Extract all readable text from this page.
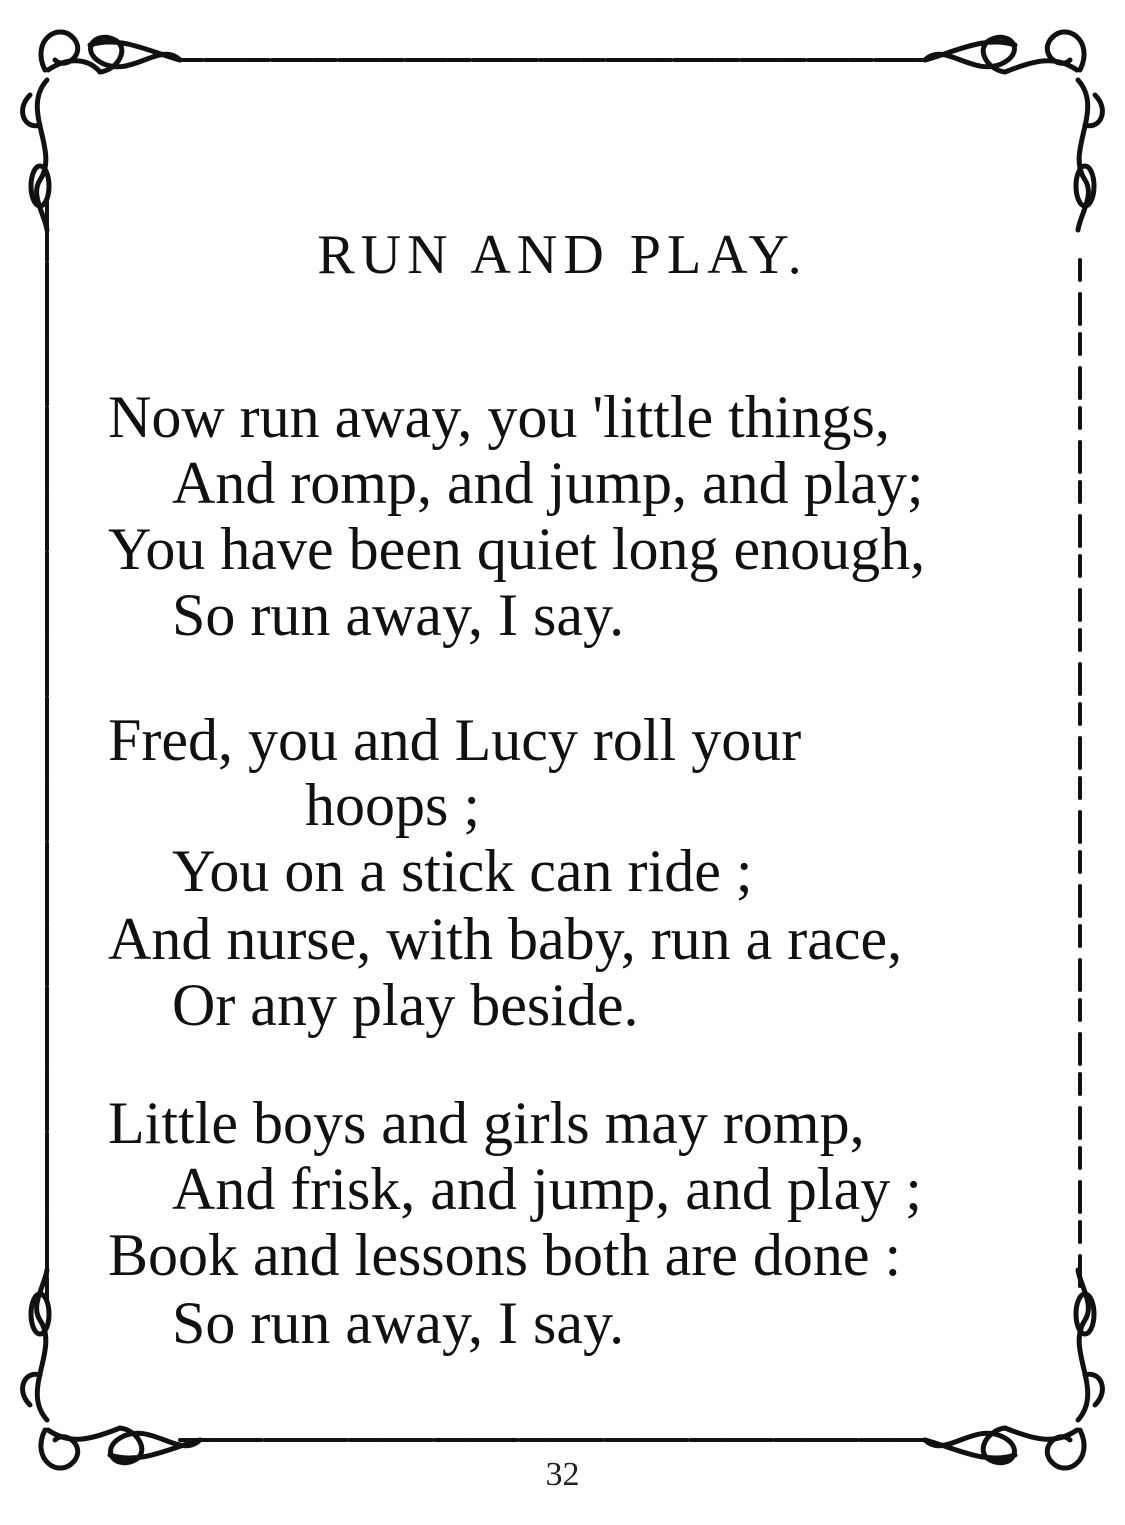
RUN AND PLAY.
Now run away, you 'little things,
And romp, and jump, and play;
You have been quiet long enough,
So run away, I say.
Fred, you and Lucy roll your
hoops ;
You on a stick can ride ;
And nurse, with baby, run a race,
Or any play beside.
Little boys and girls may romp,
And frisk, and jump, and play ;
Book and lessons both are done :
So run away, I say.
32
